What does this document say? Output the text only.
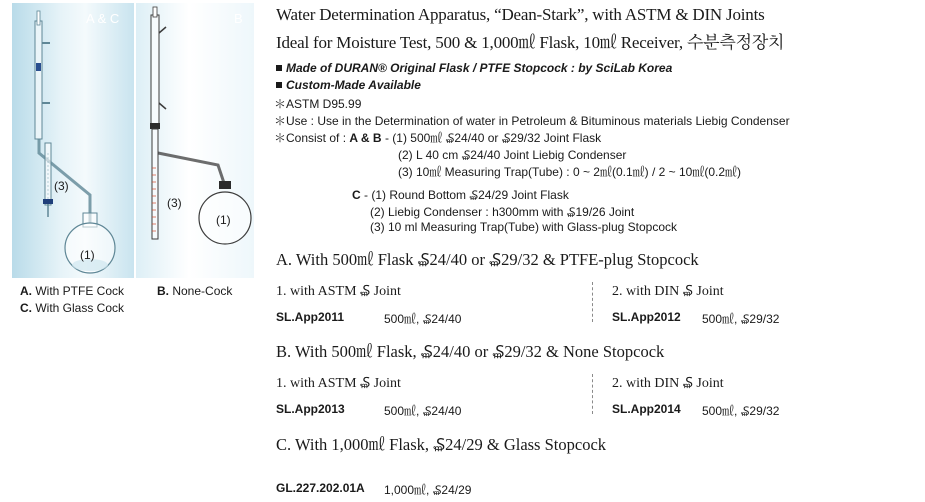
A & C
(3)
(1)
B
(3)
(1)
A. With PTFE Cock	B. None-Cock
C. With Glass Cock
Water Determination Apparatus, “Dean-Stark”, with ASTM & DIN Joints
Ideal for Moisture Test, 500 & 1,000㎖ Flask, 10㎖ Receiver, 수분측정장치
Made of DURAN® Original Flask / PTFE Stopcock : by SciLab Korea
Custom-Made Available
＊ASTM D95.99
＊Use : Use in the Determination of water in Petroleum & Bituminous materials Liebig Condenser
＊Consist of : A & B - (1) 500㎖ ₷24/40 or ₷29/32 Joint Flask
(2) L 40 cm ₷24/40 Joint Liebig Condenser
(3) 10㎖ Measuring Trap(Tube) : 0 ~ 2㎖(0.1㎖) / 2 ~ 10㎖(0.2㎖)
C - (1) Round Bottom ₷24/29 Joint Flask
(2) Liebig Condenser : h300mm with ₷19/26 Joint
(3) 10 ml Measuring Trap(Tube) with Glass-plug Stopcock
A. With 500㎖ Flask ₷24/40 or ₷29/32 & PTFE-plug Stopcock
1. with ASTM ₷ Joint	2. with DIN ₷ Joint
SL.App2011	500㎖, ₷24/40	SL.App2012 500㎖, ₷29/32
B. With 500㎖ Flask, ₷24/40 or ₷29/32 & None Stopcock
1. with ASTM ₷ Joint	2. with DIN ₷ Joint
SL.App2013	500㎖, ₷24/40	SL.App2014 500㎖, ₷29/32
C. With 1,000㎖ Flask, ₷24/29 & Glass Stopcock
GL.227.202.01A 1,000㎖, ₷24/29
